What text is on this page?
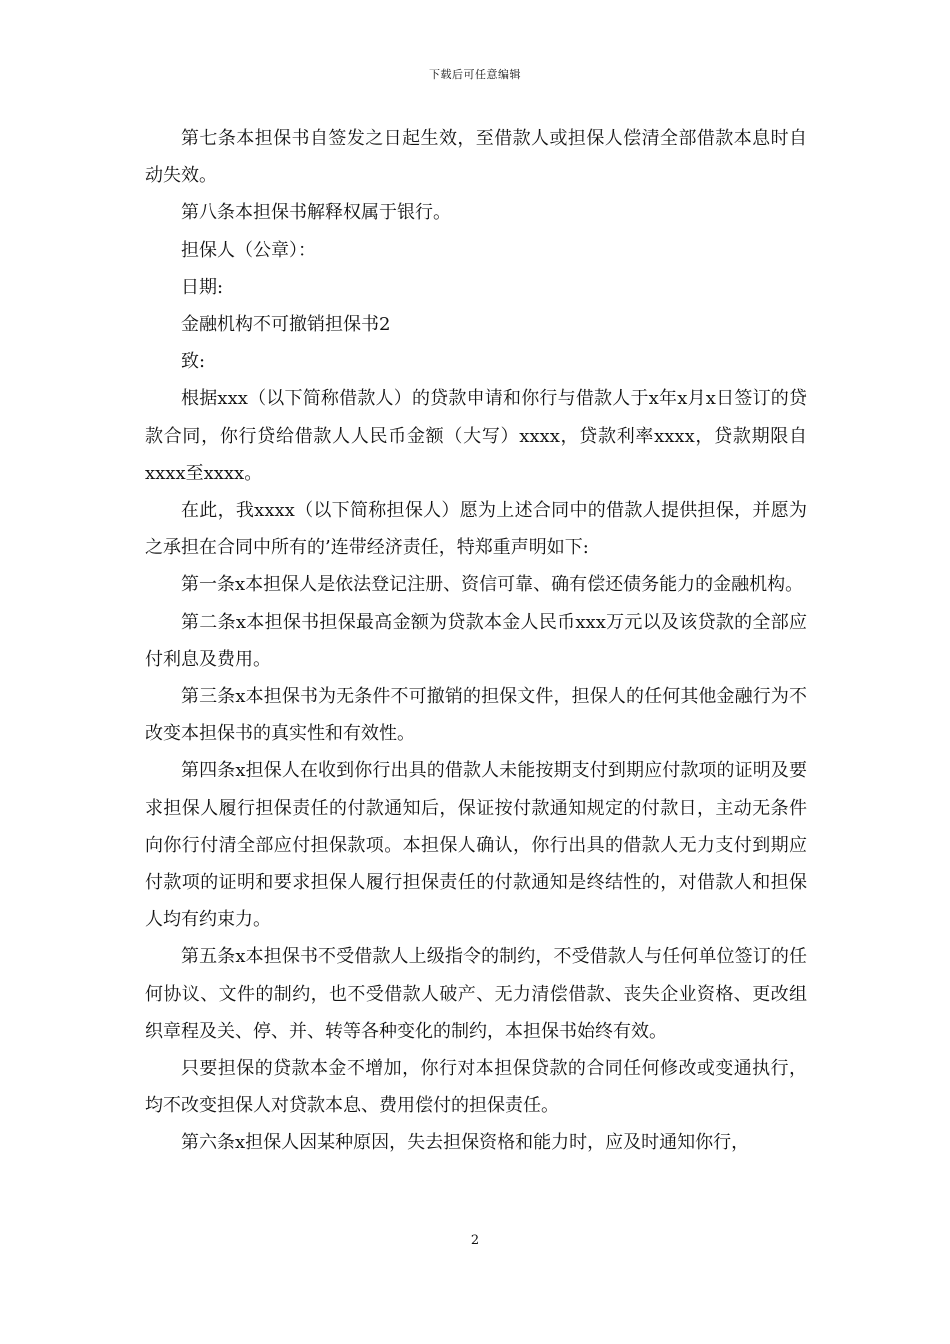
下载后可任意编辑

第七条本担保书自签发之日起生效，至借款人或担保人偿清全部借款本息时自动失效。

第八条本担保书解释权属于银行。

担保人（公章）：

日期:

金融机构不可撤销担保书2

致:

根据xxx（以下简称借款人）的贷款申请和你行与借款人于x年x月x日签订的贷款合同，你行贷给借款人人民币金额（大写）xxxx，贷款利率xxxx，贷款期限自xxxx至xxxx。

在此，我xxxx（以下简称担保人）愿为上述合同中的借款人提供担保，并愿为之承担在合同中所有的’连带经济责任，特郑重声明如下:

第一条x本担保人是依法登记注册、资信可靠、确有偿还债务能力的金融机构。

第二条x本担保书担保最高金额为贷款本金人民币xxx万元以及该贷款的全部应付利息及费用。

第三条x本担保书为无条件不可撤销的担保文件，担保人的任何其他金融行为不改变本担保书的真实性和有效性。

第四条x担保人在收到你行出具的借款人未能按期支付到期应付款项的证明及要求担保人履行担保责任的付款通知后，保证按付款通知规定的付款日，主动无条件向你行付清全部应付担保款项。本担保人确认，你行出具的借款人无力支付到期应付款项的证明和要求担保人履行担保责任的付款通知是终结性的，对借款人和担保人均有约束力。

第五条x本担保书不受借款人上级指令的制约，不受借款人与任何单位签订的任何协议、文件的制约，也不受借款人破产、无力清偿借款、丧失企业资格、更改组织章程及关、停、并、转等各种变化的制约，本担保书始终有效。

只要担保的贷款本金不增加，你行对本担保贷款的合同任何修改或变通执行，均不改变担保人对贷款本息、费用偿付的担保责任。

第六条x担保人因某种原因，失去担保资格和能力时，应及时通知你行，

2
